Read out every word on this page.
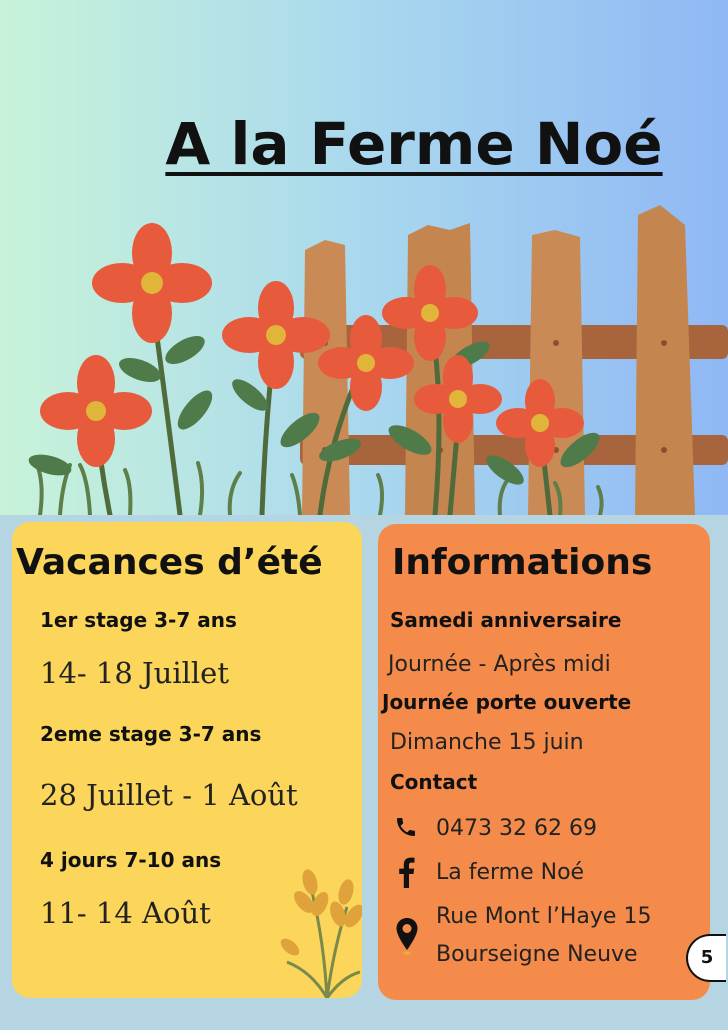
A la Ferme Noé
Vacances d’été
1er stage 3-7 ans
14- 18 Juillet
2eme stage 3-7 ans
28 Juillet - 1 Août
4 jours 7-10 ans
11- 14 Août
Informations
Samedi anniversaire
Journée - Après midi
Journée porte ouverte
Dimanche 15 juin
Contact
0473 32 62 69
La ferme Noé
Rue Mont l’Haye 15
Bourseigne Neuve	5
